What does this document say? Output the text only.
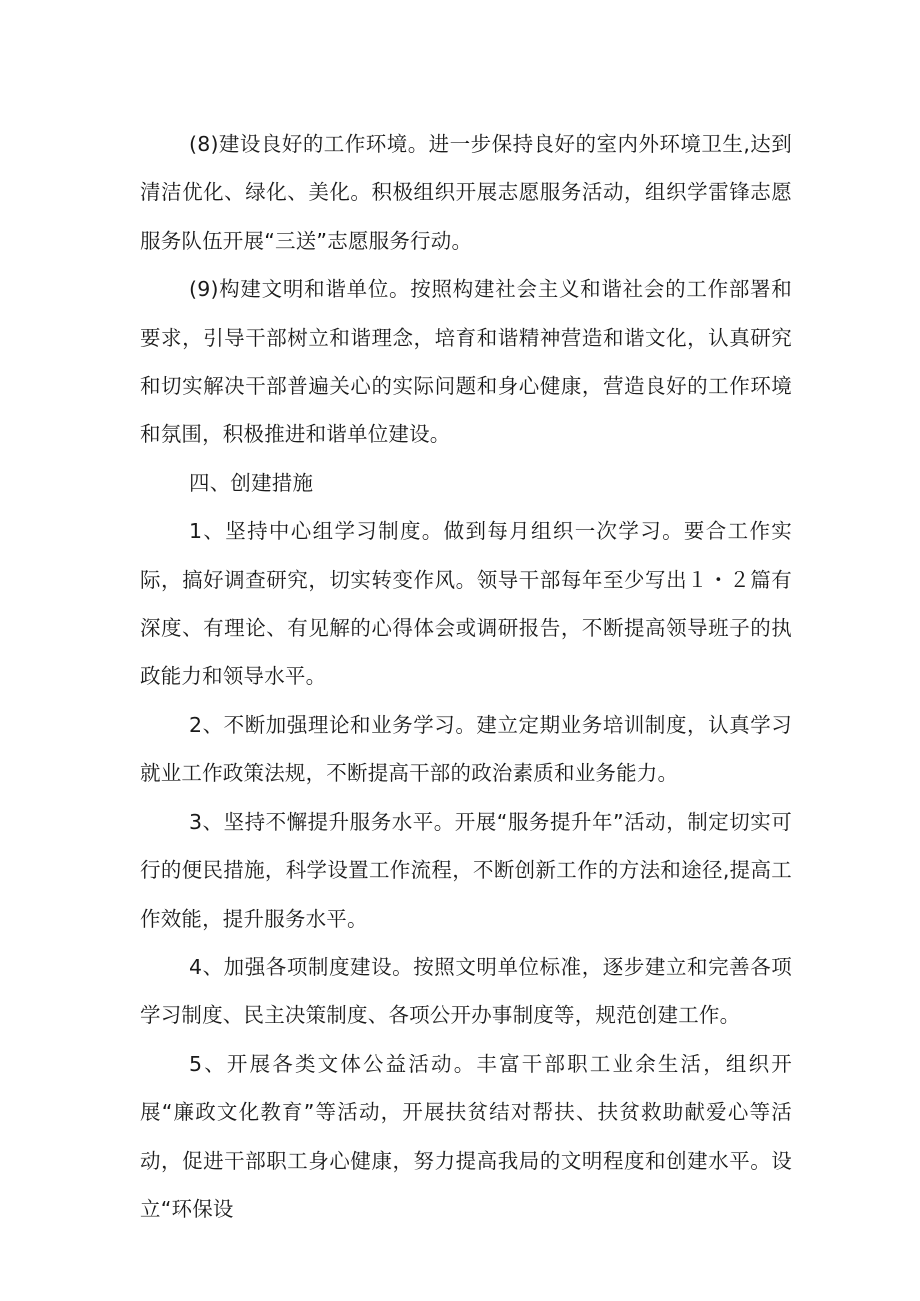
(8)建设良好的工作环境。进一步保持良好的室内外环境卫生,达到清洁优化、绿化、美化。积极组织开展志愿服务活动，组织学雷锋志愿服务队伍开展“三送”志愿服务行动。

(9)构建文明和谐单位。按照构建社会主义和谐社会的工作部署和要求，引导干部树立和谐理念，培育和谐精神营造和谐文化，认真研究和切实解决干部普遍关心的实际问题和身心健康，营造良好的工作环境和氛围，积极推进和谐单位建设。

四、创建措施

1、坚持中心组学习制度。做到每月组织一次学习。要合工作实际，搞好调查研究，切实转变作风。领导干部每年至少写出１・２篇有深度、有理论、有见解的心得体会或调研报告，不断提高领导班子的执政能力和领导水平。

2、不断加强理论和业务学习。建立定期业务培训制度，认真学习就业工作政策法规，不断提高干部的政治素质和业务能力。

3、坚持不懈提升服务水平。开展“服务提升年”活动，制定切实可行的便民措施，科学设置工作流程，不断创新工作的方法和途径,提高工作效能，提升服务水平。

4、加强各项制度建设。按照文明单位标准，逐步建立和完善各项学习制度、民主决策制度、各项公开办事制度等，规范创建工作。

5、开展各类文体公益活动。丰富干部职工业余生活，组织开展“廉政文化教育”等活动，开展扶贫结对帮扶、扶贫救助献爱心等活动，促进干部职工身心健康，努力提高我局的文明程度和创建水平。设立“环保设
